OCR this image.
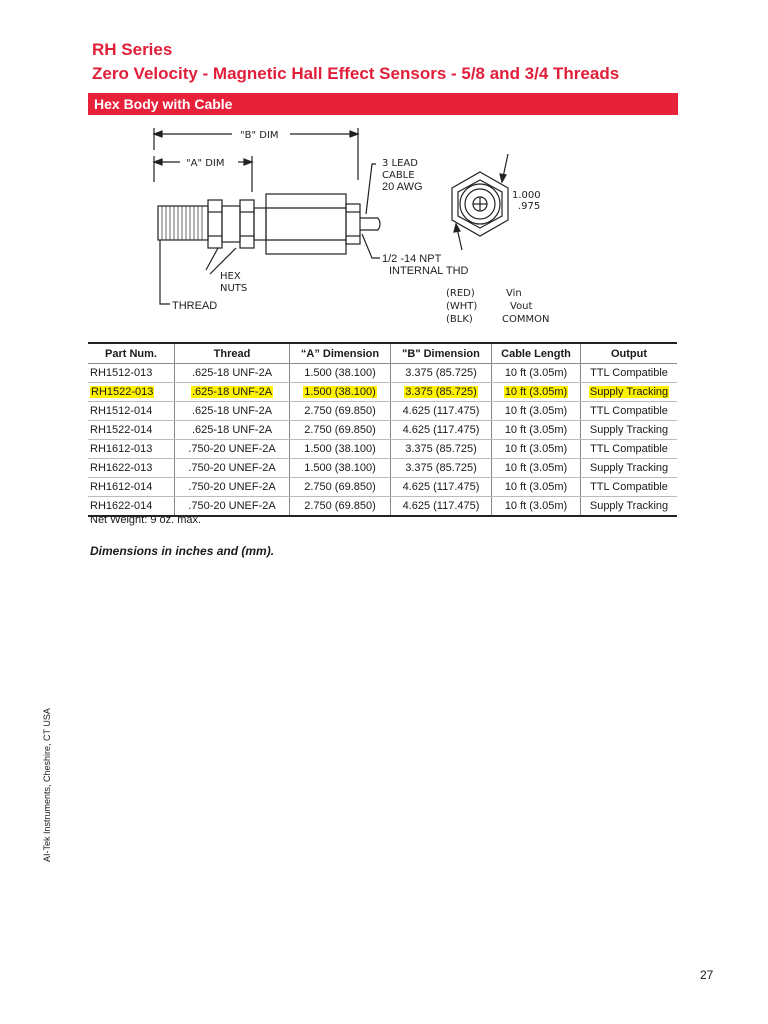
RH Series
Zero Velocity - Magnetic Hall Effect Sensors - 5/8 and 3/4 Threads
Hex Body with Cable
"B" DIM
"A" DIM	3 LEAD
CABLE
20 AWG
HEX
NUTS
THREAD
1/2 -14 NPT
INTERNAL THD
1.000
.975
(RED)	Vin
(WHT)	Vout
(BLK)	COMMON
Part Num.	Thread	“A” Dimension	"B" Dimension	Cable Length	Output
RH1512-013	.625-18 UNF-2A	1.500 (38.100)	3.375 (85.725)	10 ft (3.05m)	TTL Compatible
RH1522-013	.625-18 UNF-2A	1.500 (38.100)	3.375 (85.725)	10 ft (3.05m)	Supply Tracking
RH1512-014	.625-18 UNF-2A	2.750 (69.850)	4.625 (117.475)	10 ft (3.05m)	TTL Compatible
RH1522-014	.625-18 UNF-2A	2.750 (69.850)	4.625 (117.475)	10 ft (3.05m)	Supply Tracking
RH1612-013	.750-20 UNEF-2A	1.500 (38.100)	3.375 (85.725)	10 ft (3.05m)	TTL Compatible
RH1622-013	.750-20 UNEF-2A	1.500 (38.100)	3.375 (85.725)	10 ft (3.05m)	Supply Tracking
RH1612-014	.750-20 UNEF-2A	2.750 (69.850)	4.625 (117.475)	10 ft (3.05m)	TTL Compatible
RH1622-014	.750-20 UNEF-2A	2.750 (69.850)	4.625 (117.475)	10 ft (3.05m)	Supply Tracking
Net Weight: 9 oz. max.
Dimensions in inches and (mm).
AI-Tek Instruments, Cheshire, CT USA
27
